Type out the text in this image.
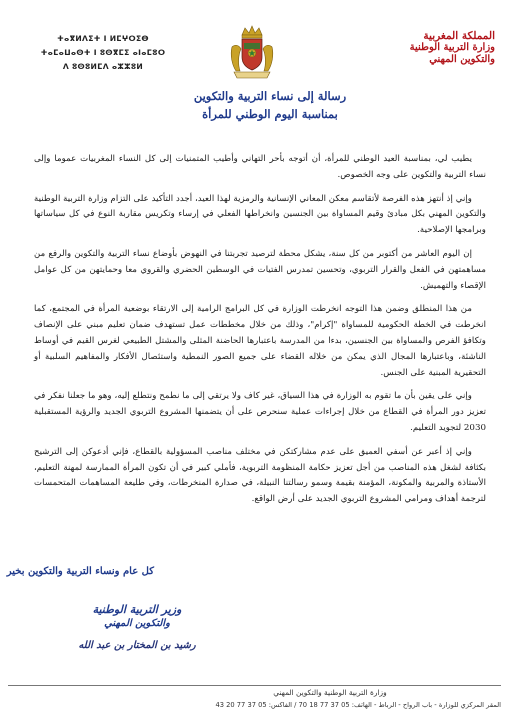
المملكة المغربية
وزارة التربية الوطنية
والتكوين المهني
ⵜⴰⴳⵍⴷⵉⵜ ⵏ ⵍⵎⵖⵔⵉⴱ
ⵜⴰⵎⴰⵡⴰⵙⵜ ⵏ ⵓⵙⴳⵎⵉ ⴰⵏⴰⵎⵓⵔ
ⴷ ⵓⵙⵓⵍⵎⴷ ⴰⵣⵣⵓⵍ
رسالة إلى نساء التربية والتكوين
بمناسبة اليوم الوطني للمرأة

يطيب لي، بمناسبة العيد الوطني للمرأة، أن أتوجه بأحر التهاني وأطيب المتمنيات إلى كل النساء المغربيات عموما وإلى نساء التربية والتكوين على وجه الخصوص.

وإني إذ أنتهز هذه الفرصة لأتقاسم معكن المعاني الإنسانية والرمزية لهذا العيد، أجدد التأكيد على التزام وزارة التربية الوطنية والتكوين المهني بكل مبادئ وقيم المساواة بين الجنسين وانخراطها الفعلي في إرساء وتكريس مقاربة النوع في كل سياساتها وبرامجها الإصلاحية.

إن اليوم العاشر من أكتوبر من كل سنة، يشكل محطة لترصيد تجربتنا في النهوض بأوضاع نساء التربية والتكوين والرفع من مساهمتهن في الفعل والقرار التربوي، وتحسين تمدرس الفتيات في الوسطين الحضري والقروي معا وحمايتهن من كل عوامل الإقصاء والتهميش.

من هذا المنطلق وضمن هذا التوجه انخرطت الوزارة في كل البرامج الرامية إلى الارتقاء بوضعية المرأة في المجتمع، كما انخرطت في الخطة الحكومية للمساواة "إكرام"، وذلك من خلال مخططات عمل تستهدف ضمان تعليم مبني على الإنصاف وتكافؤ الفرص والمساواة بين الجنسين، بدءا من المدرسة باعتبارها الحاضنة المثلى والمشتل الطبيعي لغرس القيم في أوساط الناشئة، وباعتبارها المجال الذي يمكن من خلاله القضاء على جميع الصور النمطية واستئصال الأفكار والمفاهيم السلبية أو التحقيرية المبنية على الجنس.

وإني على يقين بأن ما تقوم به الوزارة في هذا السياق، غير كاف ولا يرتقي إلى ما نطمح ونتطلع إليه، وهو ما جعلنا نفكر في تعزيز دور المرأة في القطاع من خلال إجراءات عملية سنحرص على أن يتضمنها المشروع التربوي الجديد والرؤية المستقبلية 2030 لتجويد التعليم.

وإني إذ أعبر عن أسفي العميق على عدم مشاركتكن في مختلف مناصب المسؤولية بالقطاع، فإني أدعوكن إلى الترشيح بكثافة لشغل هذه المناصب من أجل تعزيز حكامة المنظومة التربوية، فأملي كبير في أن تكون المرأة الممارسة لمهنة التعليم، الأستاذة والمربية والمكونة، المؤمنة بقيمة وسمو رسالتنا النبيلة، في صدارة المنخرطات، وفي طليعة المساهمات المتحمسات لترجمة أهداف ومرامي المشروع التربوي الجديد على أرض الواقع.

كل عام ونساء التربية والتكوين بخير
وزير التربية الوطنية
والتكوين المهني
رشيد بن المختار بن عبد الله
وزارة التربية الوطنية والتكوين المهني
المقر المركزي للوزارة - باب الرواح - الرباط - الهاتف: 05 37 77 18 70 / الفاكس: 05 37 77 20 43
